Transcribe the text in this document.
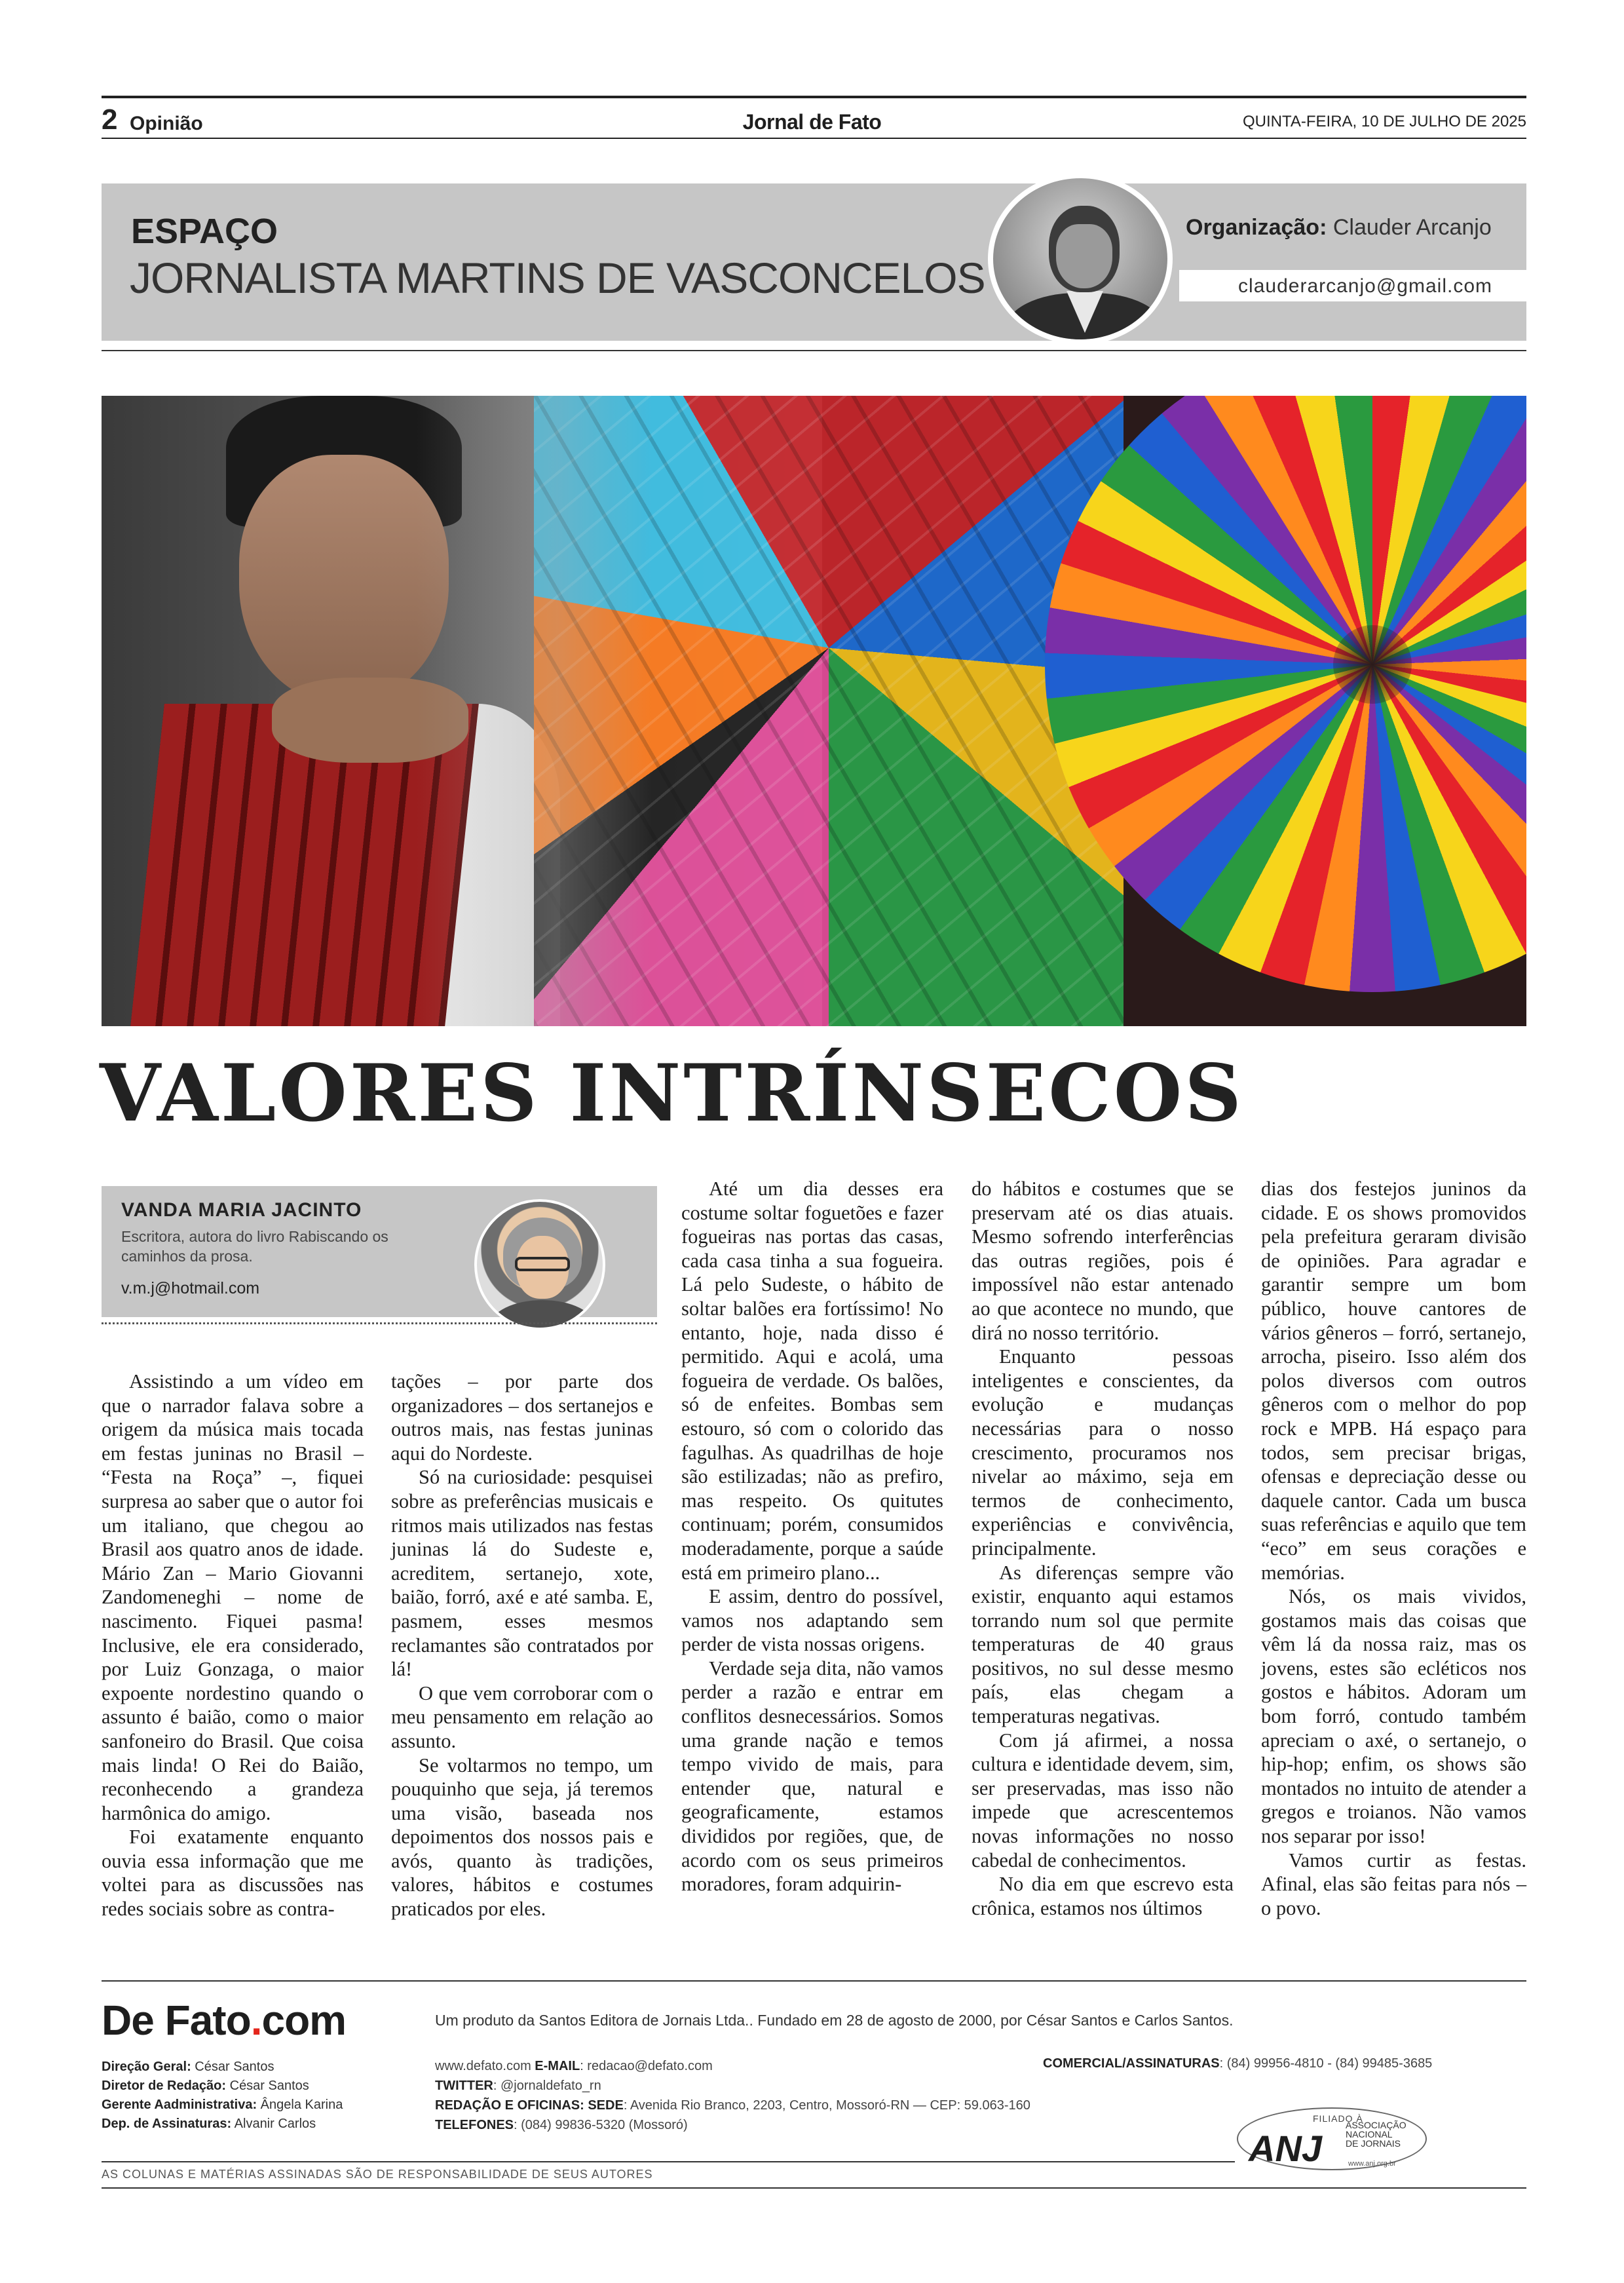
2 Opinião	Jornal de Fato	QUINTA-FEIRA, 10 DE JULHO DE 2025
ESPAÇO
JORNALISTA MARTINS DE VASCONCELOS
Organização: Clauder Arcanjo
clauderarcanjo@gmail.com
VALORES INTRÍNSECOS
VANDA MARIA JACINTO
Escritora, autora do livro Rabiscando os caminhos da prosa.
v.m.j@hotmail.com

Assistindo a um vídeo em que o narrador falava sobre a origem da música mais tocada em festas juninas no Brasil – “Festa na Roça” –, fiquei surpresa ao saber que o autor foi um italiano, que chegou ao Brasil aos quatro anos de idade. Mário Zan – Mario Giovanni Zandomeneghi – nome de nascimento. Fiquei pasma! Inclusive, ele era considerado, por Luiz Gonzaga, o maior expoente nordestino quando o assunto é baião, como o maior sanfoneiro do Brasil. Que coisa mais linda! O Rei do Baião, reconhecendo a grandeza harmônica do amigo.

Foi exatamente enquanto ouvia essa informação que me voltei para as discussões nas redes sociais sobre as contra-

tações – por parte dos organizadores – dos sertanejos e outros mais, nas festas juninas aqui do Nordeste.

Só na curiosidade: pesquisei sobre as preferências musicais e ritmos mais utilizados nas festas juninas lá do Sudeste e, acreditem, sertanejo, xote, baião, forró, axé e até samba. E, pasmem, esses mesmos reclamantes são contratados por lá!

O que vem corroborar com o meu pensamento em relação ao assunto.

Se voltarmos no tempo, um pouquinho que seja, já teremos uma visão, baseada nos depoimentos dos nossos pais e avós, quanto às tradições, valores, hábitos e costumes praticados por eles.

Até um dia desses era costume soltar foguetões e fazer fogueiras nas portas das casas, cada casa tinha a sua fogueira. Lá pelo Sudeste, o hábito de soltar balões era fortíssimo! No entanto, hoje, nada disso é permitido. Aqui e acolá, uma fogueira de verdade. Os balões, só de enfeites. Bombas sem estouro, só com o colorido das fagulhas. As quadrilhas de hoje são estilizadas; não as prefiro, mas respeito. Os quitutes continuam; porém, consumidos moderadamente, porque a saúde está em primeiro plano...

E assim, dentro do possível, vamos nos adaptando sem perder de vista nossas origens.

Verdade seja dita, não vamos perder a razão e entrar em conflitos desnecessários. Somos uma grande nação e temos tempo vivido de mais, para entender que, natural e geograficamente, estamos divididos por regiões, que, de acordo com os seus primeiros moradores, foram adquirin-

do hábitos e costumes que se preservam até os dias atuais. Mesmo sofrendo interferências das outras regiões, pois é impossível não estar antenado ao que acontece no mundo, que dirá no nosso território.

Enquanto pessoas inteligentes e conscientes, da evolução e mudanças necessárias para o nosso crescimento, procuramos nos nivelar ao máximo, seja em termos de conhecimento, experiências e convivência, principalmente.

As diferenças sempre vão existir, enquanto aqui estamos torrando num sol que permite temperaturas de 40 graus positivos, no sul desse mesmo país, elas chegam a temperaturas negativas.

Com já afirmei, a nossa cultura e identidade devem, sim, ser preservadas, mas isso não impede que acrescentemos novas informações no nosso cabedal de conhecimentos.

No dia em que escrevo esta crônica, estamos nos últimos

dias dos festejos juninos da cidade. E os shows promovidos pela prefeitura geraram divisão de opiniões. Para agradar e garantir sempre um bom público, houve cantores de vários gêneros – forró, sertanejo, arrocha, piseiro. Isso além dos polos diversos com outros gêneros com o melhor do pop rock e MPB. Há espaço para todos, sem precisar brigas, ofensas e depreciação desse ou daquele cantor. Cada um busca suas referências e aquilo que tem “eco” em seus corações e memórias.

Nós, os mais vividos, gostamos mais das coisas que vêm lá da nossa raiz, mas os jovens, estes são ecléticos nos gostos e hábitos. Adoram um bom forró, contudo também apreciam o axé, o sertanejo, o hip-hop; enfim, os shows são montados no intuito de atender a gregos e troianos. Não vamos nos separar por isso!

Vamos curtir as festas. Afinal, elas são feitas para nós – o povo.

De Fato.com	Um produto da Santos Editora de Jornais Ltda.. Fundado em 28 de agosto de 2000, por César Santos e Carlos Santos.
Direção Geral: César Santos
Diretor de Redação: César Santos
Gerente Aadministrativa: Ângela Karina
Dep. de Assinaturas: Alvanir Carlos
www.defato.com E-MAIL: redacao@defato.com
TWITTER: @jornaldefato_rn
REDAÇÃO E OFICINAS: SEDE: Avenida Rio Branco, 2203, Centro, Mossoró-RN — CEP: 59.063-160
TELEFONES: (084) 99836-5320 (Mossoró)
COMERCIAL/ASSINATURAS: (84) 99956-4810 - (84) 99485-3685
FILIADO À
ANJ
ASSOCIAÇÃO
NACIONAL
DE JORNAIS
www.anj.org.br
AS COLUNAS E MATÉRIAS ASSINADAS SÃO DE RESPONSABILIDADE DE SEUS AUTORES
